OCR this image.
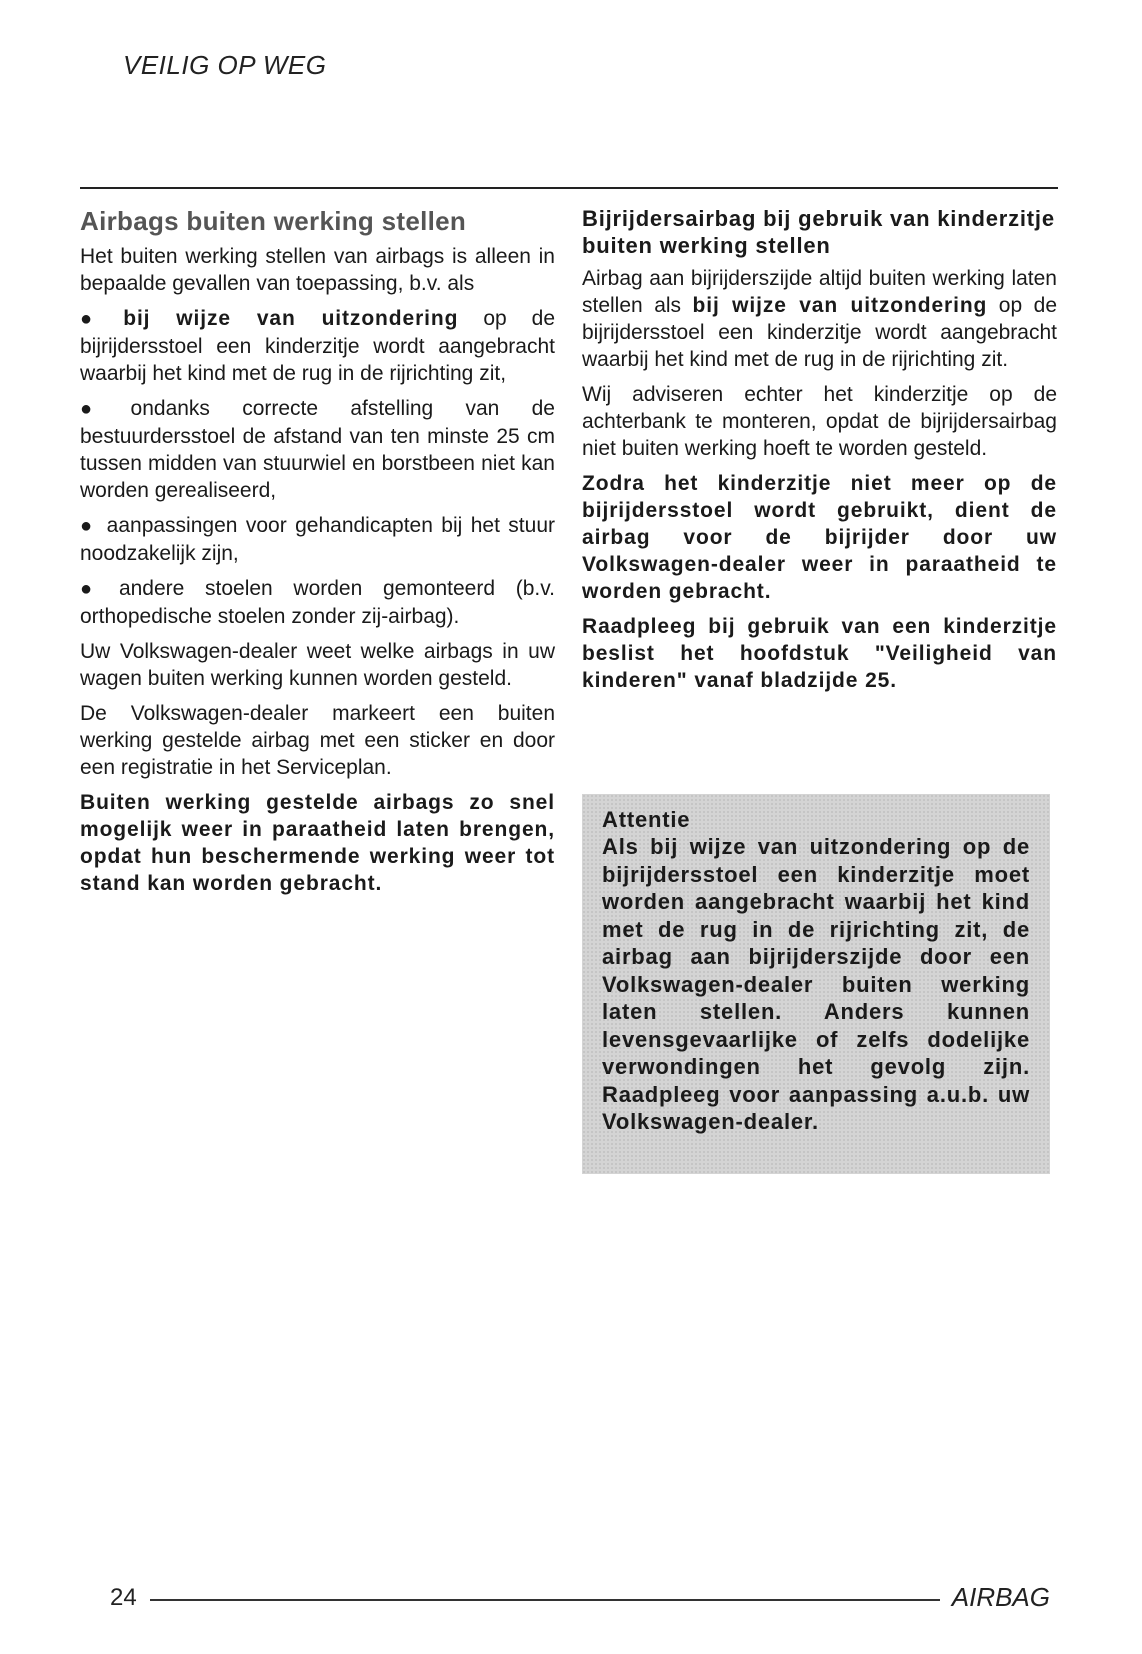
VEILIG OP WEG
Airbags buiten werking stellen

Het buiten werking stellen van airbags is alleen in bepaalde gevallen van toepassing, b.v. als

● bij wijze van uitzondering op de bijrijdersstoel een kinderzitje wordt aangebracht waarbij het kind met de rug in de rijrichting zit,

● ondanks correcte afstelling van de bestuurdersstoel de afstand van ten minste 25 cm tussen midden van stuurwiel en borstbeen niet kan worden gerealiseerd,

● aanpassingen voor gehandicapten bij het stuur noodzakelijk zijn,

● andere stoelen worden gemonteerd (b.v. orthopedische stoelen zonder zij-airbag).

Uw Volkswagen-dealer weet welke airbags in uw wagen buiten werking kunnen worden gesteld.

De Volkswagen-dealer markeert een buiten werking gestelde airbag met een sticker en door een registratie in het Serviceplan.

Buiten werking gestelde airbags zo snel mogelijk weer in paraatheid laten brengen, opdat hun beschermende werking weer tot stand kan worden gebracht.

Bijrijdersairbag bij gebruik van kinderzitje buiten werking stellen

Airbag aan bijrijderszijde altijd buiten werking laten stellen als bij wijze van uitzondering op de bijrijdersstoel een kinderzitje wordt aangebracht waarbij het kind met de rug in de rijrichting zit.

Wij adviseren echter het kinderzitje op de achterbank te monteren, opdat de bijrijdersairbag niet buiten werking hoeft te worden gesteld.

Zodra het kinderzitje niet meer op de bijrijdersstoel wordt gebruikt, dient de airbag voor de bijrijder door uw Volkswagen-dealer weer in paraatheid te worden gebracht.

Raadpleeg bij gebruik van een kinderzitje beslist het hoofdstuk "Veiligheid van kinderen" vanaf bladzijde 25.

Attentie

Als bij wijze van uitzondering op de bijrijdersstoel een kinderzitje moet worden aangebracht waarbij het kind met de rug in de rijrichting zit, de airbag aan bijrijderszijde door een Volkswagen-dealer buiten werking laten stellen. Anders kunnen levensgevaarlijke of zelfs dodelijke verwondingen het gevolg zijn. Raadpleeg voor aanpassing a.u.b. uw Volkswagen-dealer.

24	AIRBAG
